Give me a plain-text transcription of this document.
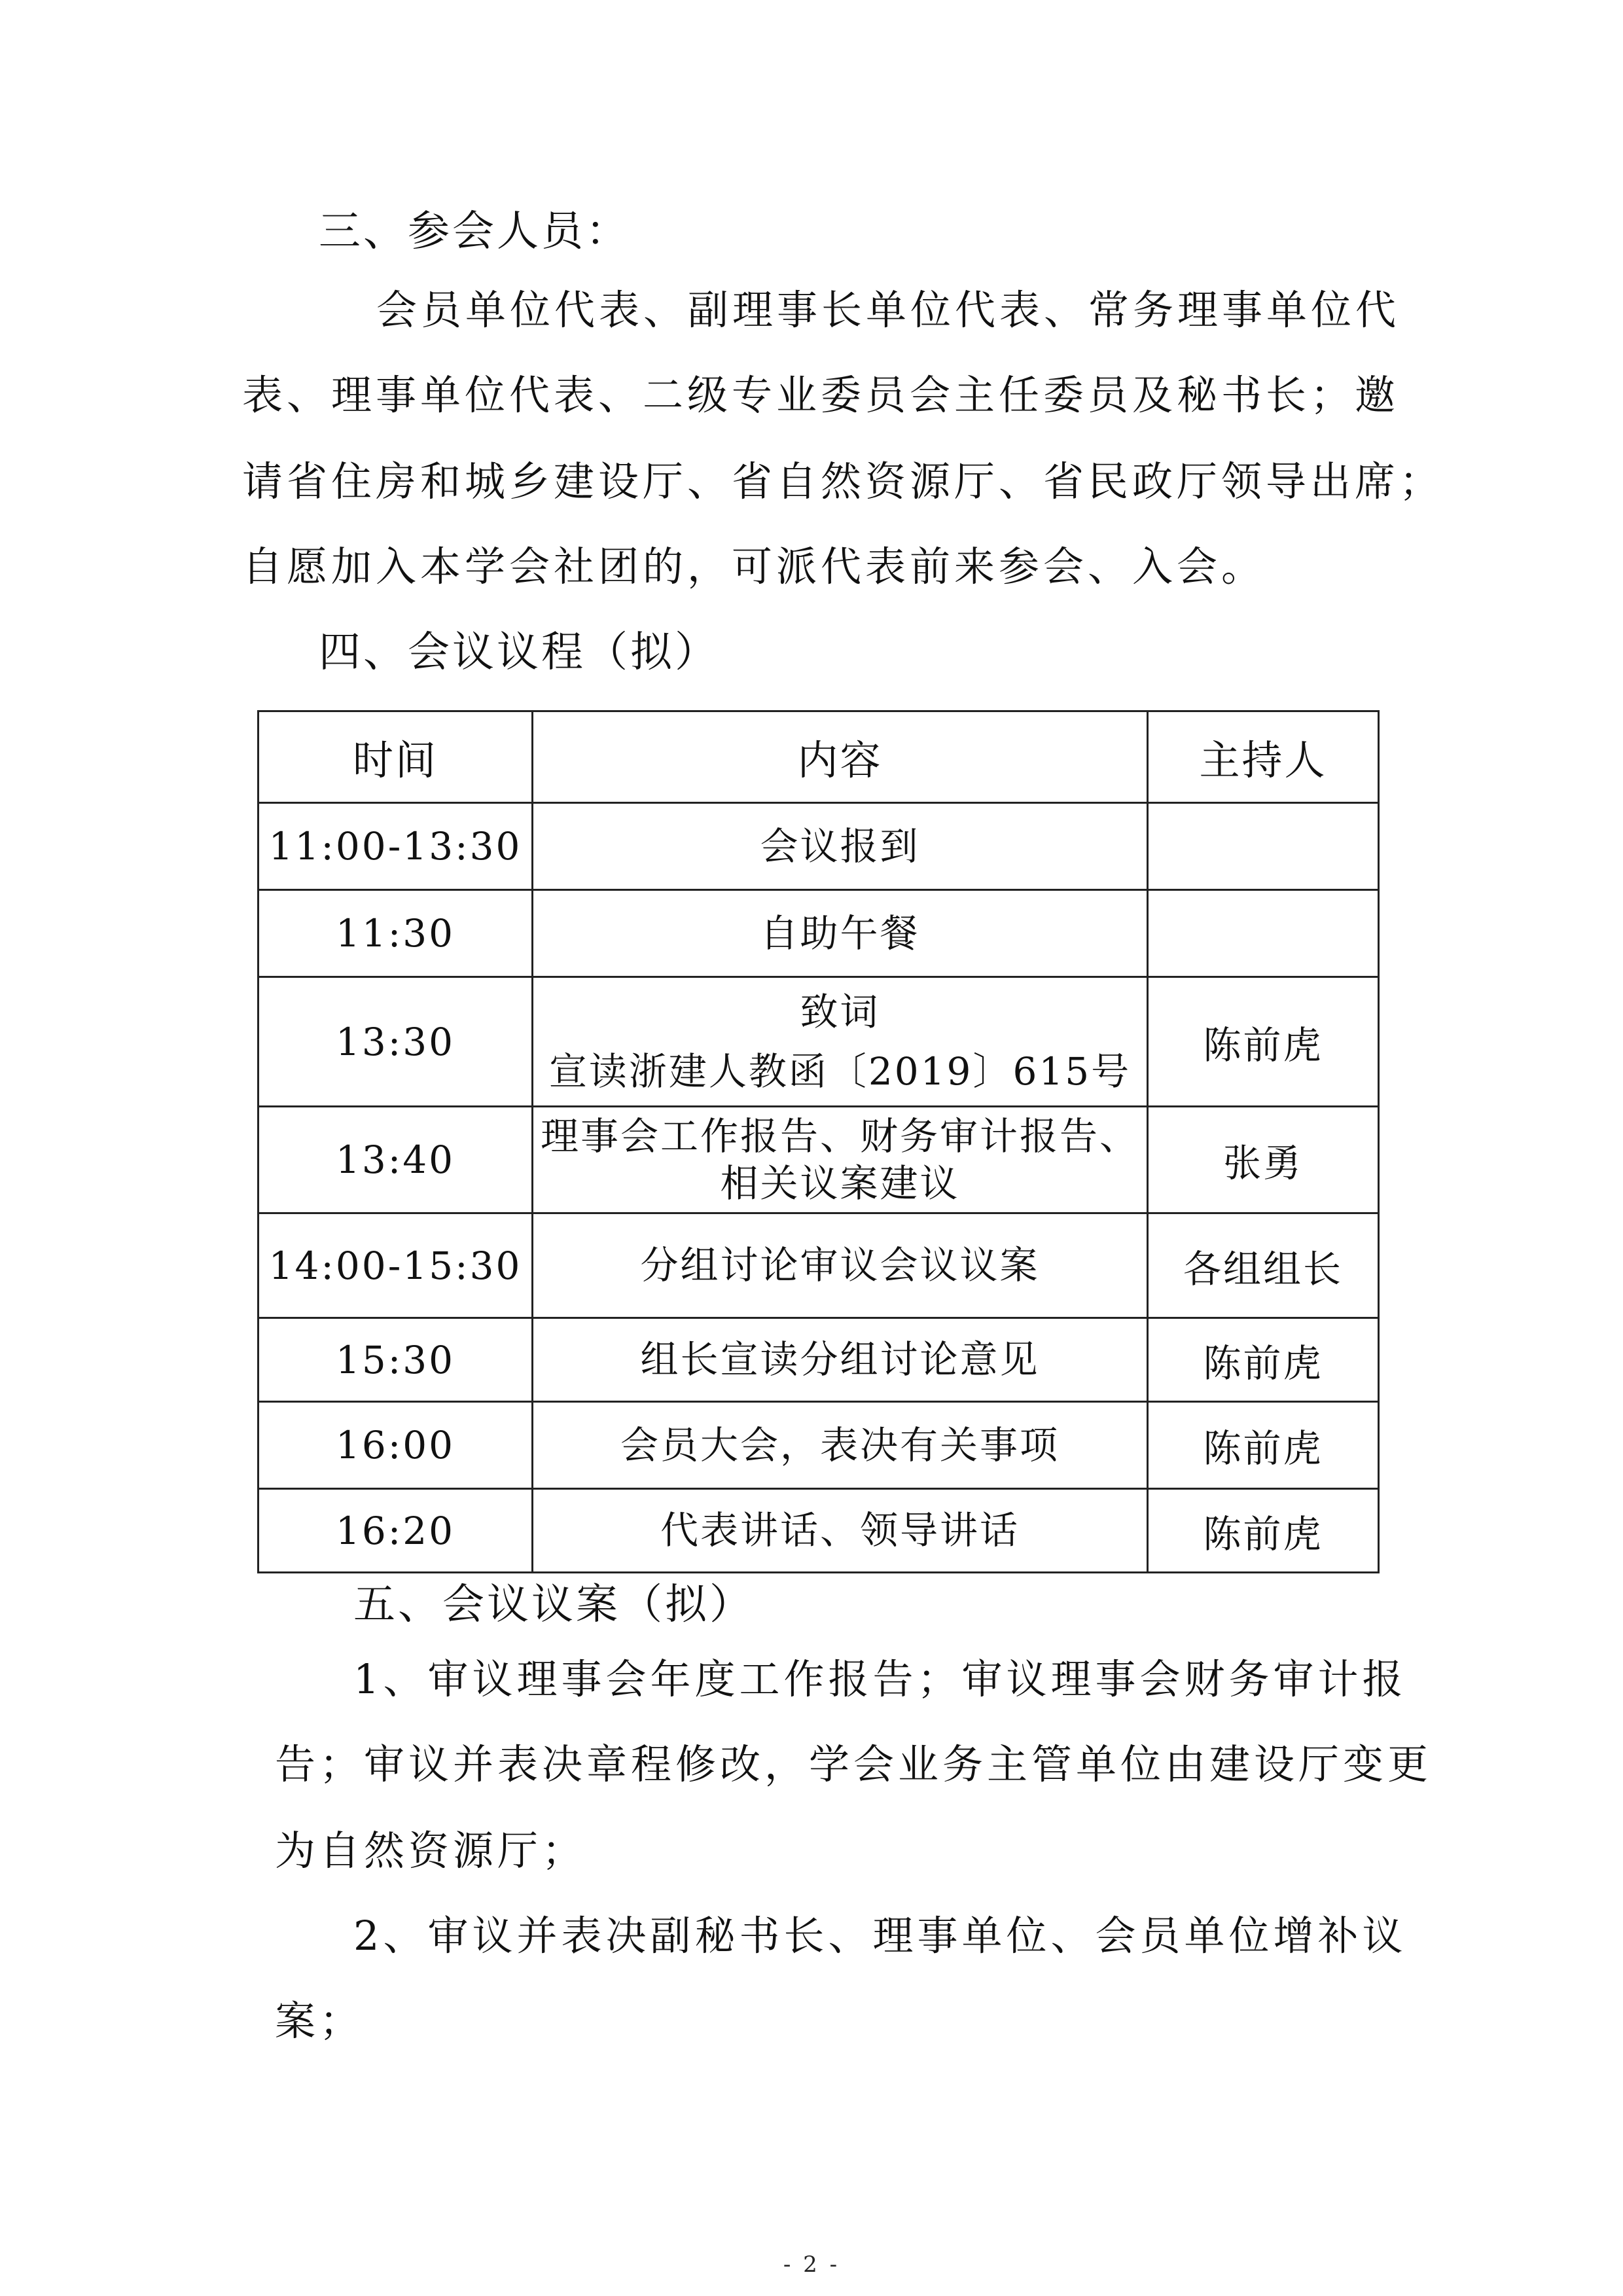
三、参会人员：
会员单位代表、副理事长单位代表、常务理事单位代
表、理事单位代表、二级专业委员会主任委员及秘书长；邀
请省住房和城乡建设厅、省自然资源厅、省民政厅领导出席；
自愿加入本学会社团的，可派代表前来参会、入会。
四、会议议程（拟）
时间	内容	主持人
11:00-13:30	会议报到	

11:30	自助午餐	

13:30	致词
宣读浙建人教函〔2019〕615号	陈前虎
13:40	理事会工作报告、财务审计报告、
相关议案建议	张勇
14:00-15:30	分组讨论审议会议议案	各组组长
15:30	组长宣读分组讨论意见	陈前虎
16:00	会员大会，表决有关事项	陈前虎
16:20	代表讲话、领导讲话	陈前虎
五、会议议案（拟）
1、审议理事会年度工作报告；审议理事会财务审计报
告；审议并表决章程修改，学会业务主管单位由建设厅变更
为自然资源厅；
2、审议并表决副秘书长、理事单位、会员单位增补议
案；
- 2 -
